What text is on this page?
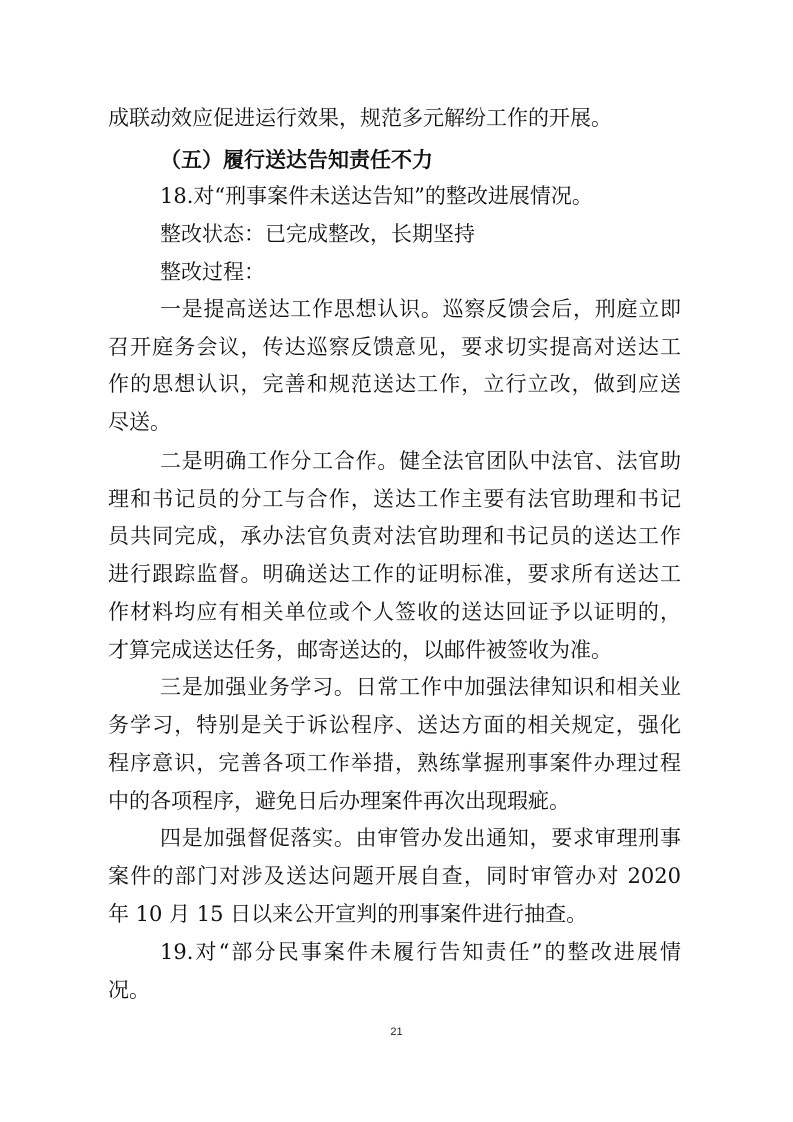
成联动效应促进运行效果，规范多元解纷工作的开展。
（五）履行送达告知责任不力
18.对“刑事案件未送达告知”的整改进展情况。
整改状态：已完成整改，长期坚持
整改过程：
一是提高送达工作思想认识。巡察反馈会后，刑庭立即
召开庭务会议，传达巡察反馈意见，要求切实提高对送达工
作的思想认识，完善和规范送达工作，立行立改，做到应送
尽送。
二是明确工作分工合作。健全法官团队中法官、法官助
理和书记员的分工与合作，送达工作主要有法官助理和书记
员共同完成，承办法官负责对法官助理和书记员的送达工作
进行跟踪监督。明确送达工作的证明标准，要求所有送达工
作材料均应有相关单位或个人签收的送达回证予以证明的，
才算完成送达任务，邮寄送达的，以邮件被签收为准。
三是加强业务学习。日常工作中加强法律知识和相关业
务学习，特别是关于诉讼程序、送达方面的相关规定，强化
程序意识，完善各项工作举措，熟练掌握刑事案件办理过程
中的各项程序，避免日后办理案件再次出现瑕疵。
四是加强督促落实。由审管办发出通知，要求审理刑事
案件的部门对涉及送达问题开展自查，同时审管办对 2020
年 10 月 15 日以来公开宣判的刑事案件进行抽查。
19.对“部分民事案件未履行告知责任”的整改进展情
况。
21
